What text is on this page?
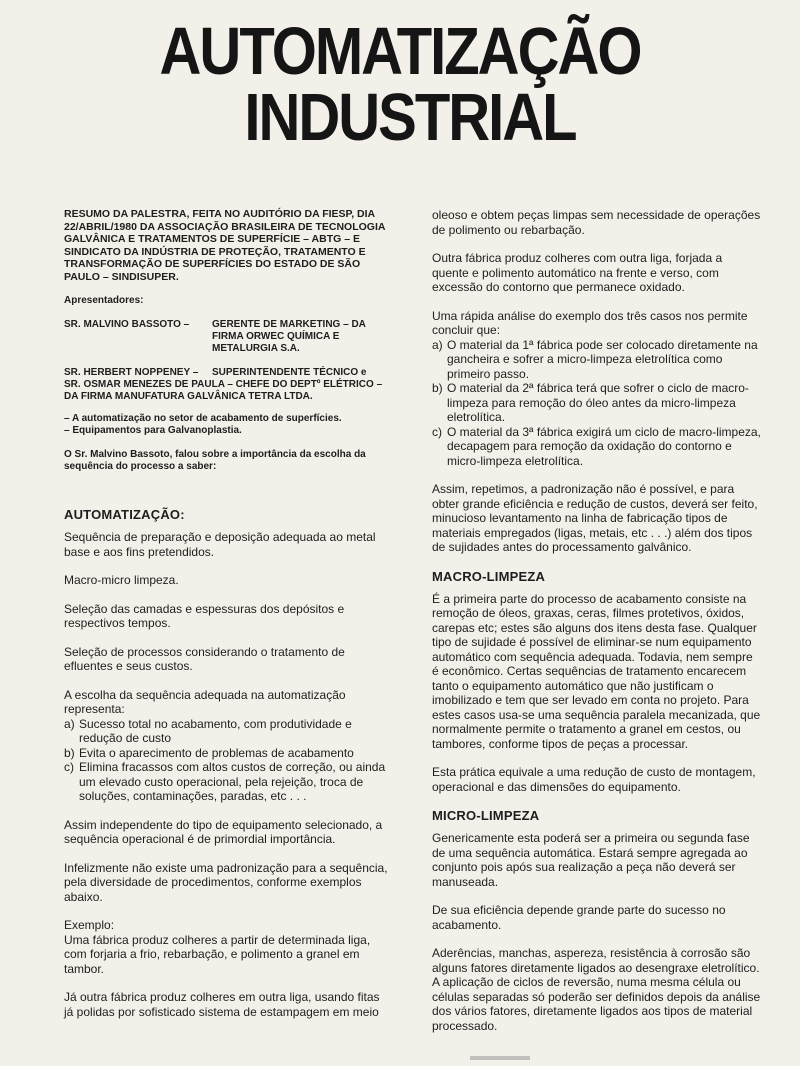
AUTOMATIZAÇÃO
INDUSTRIAL

RESUMO DA PALESTRA, FEITA NO AUDITÓRIO DA FIESP, DIA 22/ABRIL/1980 DA ASSOCIAÇÃO BRASILEIRA DE TECNOLOGIA GALVÂNICA E TRATAMENTOS DE SUPERFÍCIE – ABTG – E SINDICATO DA INDÚSTRIA DE PROTEÇÃO, TRATAMENTO E TRANSFORMAÇÃO DE SUPERFÍCIES DO ESTADO DE SÃO PAULO – SINDISUPER.

Apresentadores:

SR. MALVINO BASSOTO –	GERENTE DE MARKETING – DA FIRMA ORWEC QUÍMICA E METALURGIA S.A.
SR. HERBERT NOPPENEY –	SUPERINTENDENTE TÉCNICO e

SR. OSMAR MENEZES DE PAULA – CHEFE DO DEPTº ELÉTRICO – DA FIRMA MANUFATURA GALVÂNICA TETRA LTDA.

– A automatização no setor de acabamento de superfícies.

– Equipamentos para Galvanoplastia.

O Sr. Malvino Bassoto, falou sobre a importância da escolha da sequência do processo a saber:

AUTOMATIZAÇÃO:

Sequência de preparação e deposição adequada ao metal base e aos fins pretendidos.

Macro-micro limpeza.

Seleção das camadas e espessuras dos depósitos e respectivos tempos.

Seleção de processos considerando o tratamento de efluentes e seus custos.

A escolha da sequência adequada na automatização representa:

a) Sucesso total no acabamento, com produtividade e redução de custo
b) Evita o aparecimento de problemas de acabamento
c) Elimina fracassos com altos custos de correção, ou ainda um elevado custo operacional, pela rejeição, troca de soluções, contaminações, paradas, etc . . .

Assim independente do tipo de equipamento selecionado, a sequência operacional é de primordial importância.

Infelizmente não existe uma padronização para a sequência, pela diversidade de procedimentos, conforme exemplos abaixo.

Exemplo:

Uma fábrica produz colheres a partir de determinada liga, com forjaria a frio, rebarbação, e polimento a granel em tambor.

Já outra fábrica produz colheres em outra liga, usando fitas já polidas por sofisticado sistema de estampagem em meio

oleoso e obtem peças limpas sem necessidade de operações de polimento ou rebarbação.

Outra fábrica produz colheres com outra liga, forjada a quente e polimento automático na frente e verso, com excessão do contorno que permanece oxidado.

Uma rápida análise do exemplo dos três casos nos permite concluir que:

a) O material da 1ª fábrica pode ser colocado diretamente na gancheira e sofrer a micro-limpeza eletrolítica como primeiro passo.
b) O material da 2ª fábrica terá que sofrer o ciclo de macro-limpeza para remoção do óleo antes da micro-limpeza eletrolítica.
c) O material da 3ª fábrica exigirá um ciclo de macro-limpeza, decapagem para remoção da oxidação do contorno e micro-limpeza eletrolítica.

Assim, repetimos, a padronização não é possível, e para obter grande eficiência e redução de custos, deverá ser feito, minucioso levantamento na linha de fabricação tipos de materiais empregados (ligas, metais, etc . . .) além dos tipos de sujidades antes do processamento galvânico.

MACRO-LIMPEZA

É a primeira parte do processo de acabamento consiste na remoção de óleos, graxas, ceras, filmes protetivos, óxidos, carepas etc; estes são alguns dos itens desta fase. Qualquer tipo de sujidade é possível de eliminar-se num equipamento automático com sequência adequada. Todavia, nem sempre é econômico. Certas sequências de tratamento encarecem tanto o equipamento automático que não justificam o imobilizado e tem que ser levado em conta no projeto. Para estes casos usa-se uma sequência paralela mecanizada, que normalmente permite o tratamento a granel em cestos, ou tambores, conforme tipos de peças a processar.

Esta prática equivale a uma redução de custo de montagem, operacional e das dimensões do equipamento.

MICRO-LIMPEZA

Genericamente esta poderá ser a primeira ou segunda fase de uma sequência automática. Estará sempre agregada ao conjunto pois após sua realização a peça não deverá ser manuseada.

De sua eficiência depende grande parte do sucesso no acabamento.

Aderências, manchas, aspereza, resistência à corrosão são alguns fatores diretamente ligados ao desengraxe eletrolítico. A aplicação de ciclos de reversão, numa mesma célula ou células separadas só poderão ser definidos depois da análise dos vários fatores, diretamente ligados aos tipos de material processado.
